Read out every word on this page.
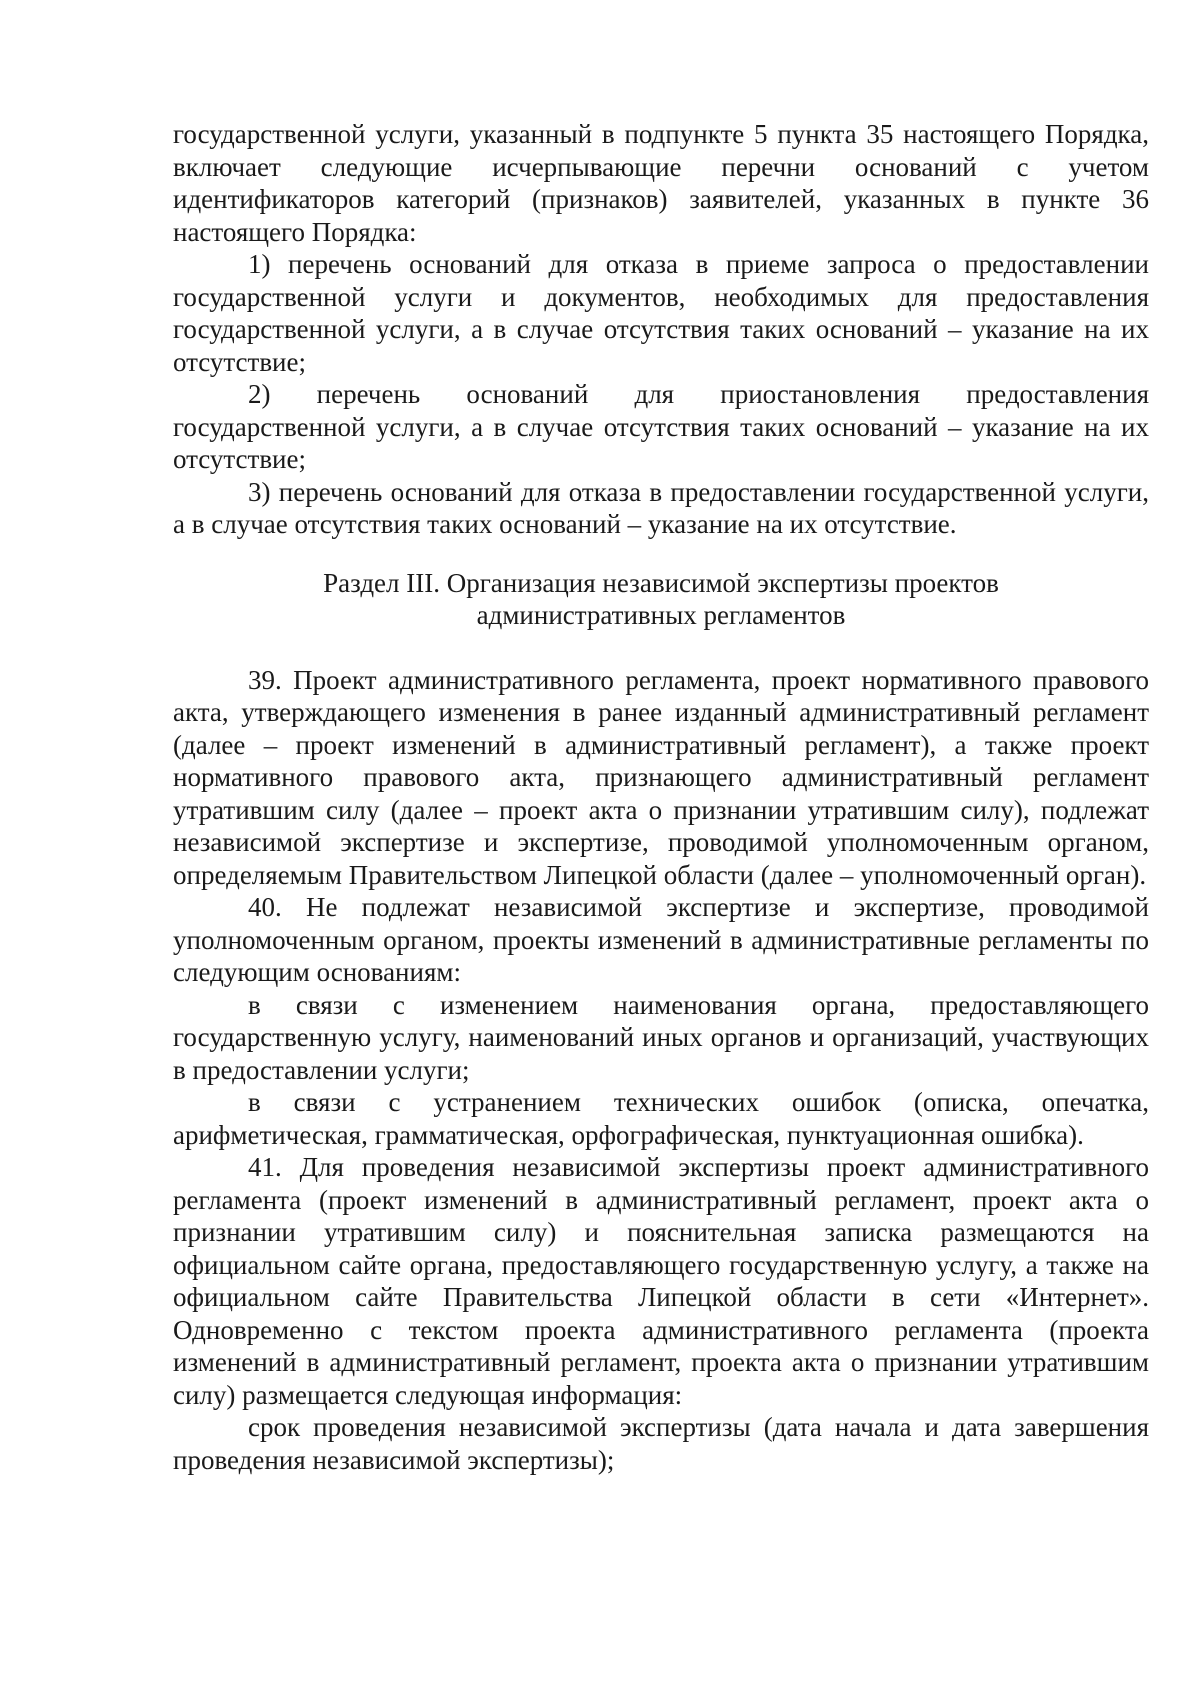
государственной услуги, указанный в подпункте 5 пункта 35 настоящего Порядка, включает следующие исчерпывающие перечни оснований с учетом идентификаторов категорий (признаков) заявителей, указанных в пункте 36 настоящего Порядка:

1) перечень оснований для отказа в приеме запроса о предоставлении государственной услуги и документов, необходимых для предоставления государственной услуги, а в случае отсутствия таких оснований – указание на их отсутствие;

2) перечень оснований для приостановления предоставления государственной услуги, а в случае отсутствия таких оснований – указание на их отсутствие;

3) перечень оснований для отказа в предоставлении государственной услуги, а в случае отсутствия таких оснований – указание на их отсутствие.

Раздел III. Организация независимой экспертизы проектов административных регламентов

39. Проект административного регламента, проект нормативного правового акта, утверждающего изменения в ранее изданный административный регламент (далее – проект изменений в административный регламент), а также проект нормативного правового акта, признающего административный регламент утратившим силу (далее – проект акта о признании утратившим силу), подлежат независимой экспертизе и экспертизе, проводимой уполномоченным органом, определяемым Правительством Липецкой области (далее – уполномоченный орган).

40. Не подлежат независимой экспертизе и экспертизе, проводимой уполномоченным органом, проекты изменений в административные регламенты по следующим основаниям:

в связи с изменением наименования органа, предоставляющего государственную услугу, наименований иных органов и организаций, участвующих в предоставлении услуги;

в связи с устранением технических ошибок (описка, опечатка, арифметическая, грамматическая, орфографическая, пунктуационная ошибка).

41. Для проведения независимой экспертизы проект административного регламента (проект изменений в административный регламент, проект акта о признании утратившим силу) и пояснительная записка размещаются на официальном сайте органа, предоставляющего государственную услугу, а также на официальном сайте Правительства Липецкой области в сети «Интернет». Одновременно с текстом проекта административного регламента (проекта изменений в административный регламент, проекта акта о признании утратившим силу) размещается следующая информация:

срок проведения независимой экспертизы (дата начала и дата завершения проведения независимой экспертизы);
